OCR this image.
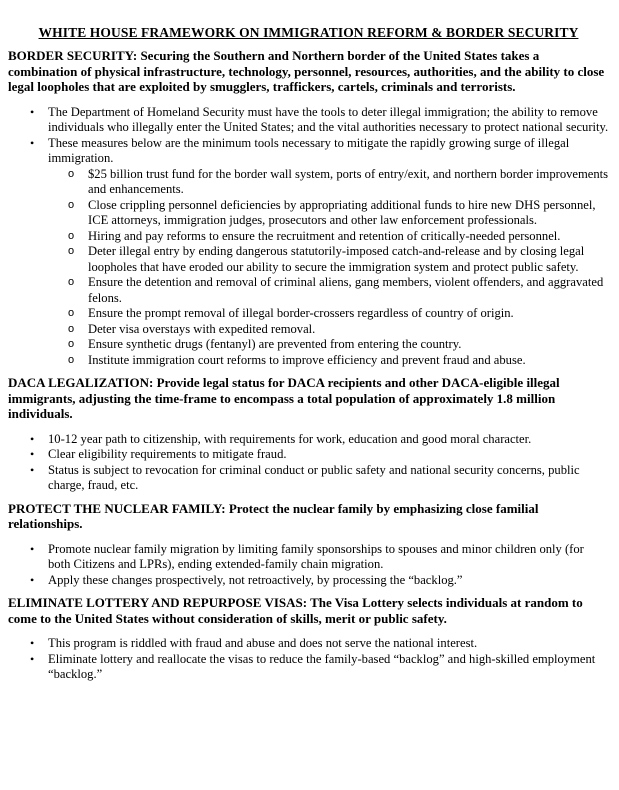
WHITE HOUSE FRAMEWORK ON IMMIGRATION REFORM & BORDER SECURITY

BORDER SECURITY: Securing the Southern and Northern border of the United States takes a combination of physical infrastructure, technology, personnel, resources, authorities, and the ability to close legal loopholes that are exploited by smugglers, traffickers, cartels, criminals and terrorists.

• The Department of Homeland Security must have the tools to deter illegal immigration; the ability to remove individuals who illegally enter the United States; and the vital authorities necessary to protect national security.
• These measures below are the minimum tools necessary to mitigate the rapidly growing surge of illegal immigration.
o $25 billion trust fund for the border wall system, ports of entry/exit, and northern border improvements and enhancements.
o Close crippling personnel deficiencies by appropriating additional funds to hire new DHS personnel, ICE attorneys, immigration judges, prosecutors and other law enforcement professionals.
o Hiring and pay reforms to ensure the recruitment and retention of critically-needed personnel.
o Deter illegal entry by ending dangerous statutorily-imposed catch-and-release and by closing legal loopholes that have eroded our ability to secure the immigration system and protect public safety.
o Ensure the detention and removal of criminal aliens, gang members, violent offenders, and aggravated felons.
o Ensure the prompt removal of illegal border-crossers regardless of country of origin.
o Deter visa overstays with expedited removal.
o Ensure synthetic drugs (fentanyl) are prevented from entering the country.
o Institute immigration court reforms to improve efficiency and prevent fraud and abuse.

DACA LEGALIZATION: Provide legal status for DACA recipients and other DACA-eligible illegal immigrants, adjusting the time-frame to encompass a total population of approximately 1.8 million individuals.

• 10-12 year path to citizenship, with requirements for work, education and good moral character.
• Clear eligibility requirements to mitigate fraud.
• Status is subject to revocation for criminal conduct or public safety and national security concerns, public charge, fraud, etc.

PROTECT THE NUCLEAR FAMILY: Protect the nuclear family by emphasizing close familial relationships.

• Promote nuclear family migration by limiting family sponsorships to spouses and minor children only (for both Citizens and LPRs), ending extended-family chain migration.
• Apply these changes prospectively, not retroactively, by processing the “backlog.”

ELIMINATE LOTTERY AND REPURPOSE VISAS: The Visa Lottery selects individuals at random to come to the United States without consideration of skills, merit or public safety.

• This program is riddled with fraud and abuse and does not serve the national interest.
• Eliminate lottery and reallocate the visas to reduce the family-based “backlog” and high-skilled employment “backlog.”
